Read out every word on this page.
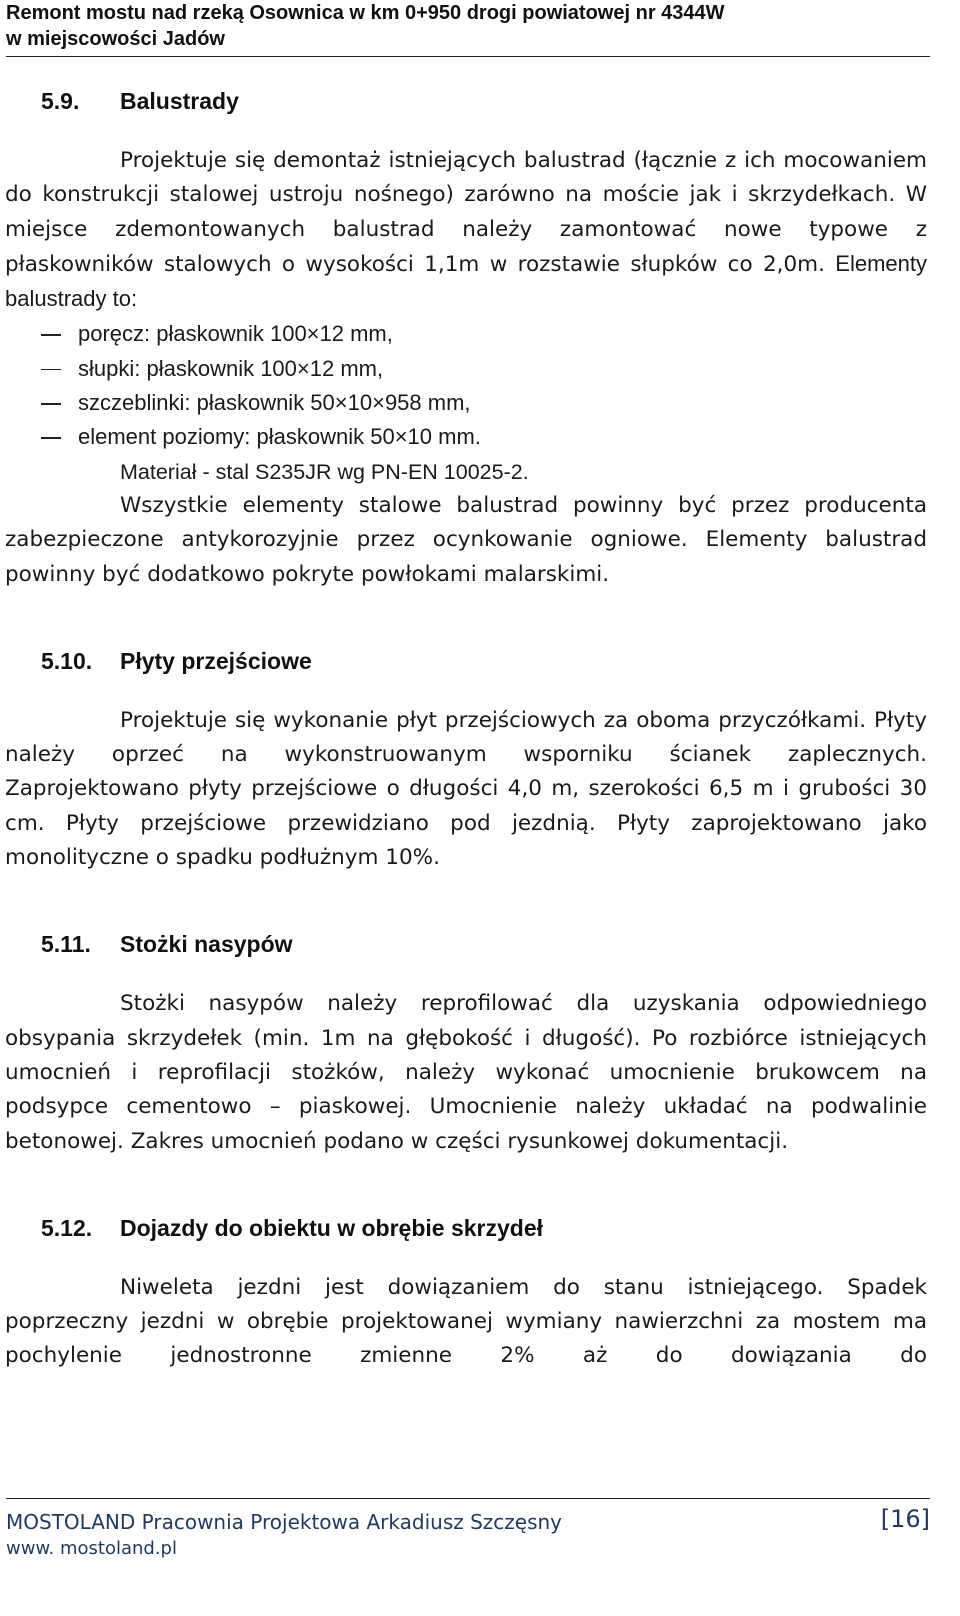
Remont mostu nad rzeką Osownica w km 0+950 drogi powiatowej nr 4344W
w miejscowości Jadów
5.9. Balustrady

Projektuje się demontaż istniejących balustrad (łącznie z ich mocowaniem do konstrukcji stalowej ustroju nośnego) zarówno na moście jak i skrzydełkach. W miejsce zdemontowanych balustrad należy zamontować nowe typowe z płaskowników stalowych o wysokości 1,1m w rozstawie słupków co 2,0m. Elementy balustrady to:

poręcz: płaskownik 100×12 mm,
słupki: płaskownik 100×12 mm,
szczeblinki: płaskownik 50×10×958 mm,
element poziomy: płaskownik 50×10 mm.

Materiał - stal S235JR wg PN-EN 10025-2.

Wszystkie elementy stalowe balustrad powinny być przez producenta zabezpieczone antykorozyjnie przez ocynkowanie ogniowe. Elementy balustrad powinny być dodatkowo pokryte powłokami malarskimi.

5.10. Płyty przejściowe

Projektuje się wykonanie płyt przejściowych za oboma przyczółkami. Płyty należy oprzeć na wykonstruowanym wsporniku ścianek zaplecznych. Zaprojektowano płyty przejściowe o długości 4,0 m, szerokości 6,5 m i grubości 30 cm. Płyty przejściowe przewidziano pod jezdnią. Płyty zaprojektowano jako monolityczne o spadku podłużnym 10%.

5.11. Stożki nasypów

Stożki nasypów należy reprofilować dla uzyskania odpowiedniego obsypania skrzydełek (min. 1m na głębokość i długość). Po rozbiórce istniejących umocnień i reprofilacji stożków, należy wykonać umocnienie brukowcem na podsypce cementowo – piaskowej. Umocnienie należy układać na podwalinie betonowej. Zakres umocnień podano w części rysunkowej dokumentacji.

5.12. Dojazdy do obiektu w obrębie skrzydeł

Niweleta jezdni jest dowiązaniem do stanu istniejącego. Spadek poprzeczny jezdni w obrębie projektowanej wymiany nawierzchni za mostem ma pochylenie jednostronne zmienne 2% aż do dowiązania do

MOSTOLAND Pracownia Projektowa Arkadiusz Szczęsny	[16]
www. mostoland.pl
